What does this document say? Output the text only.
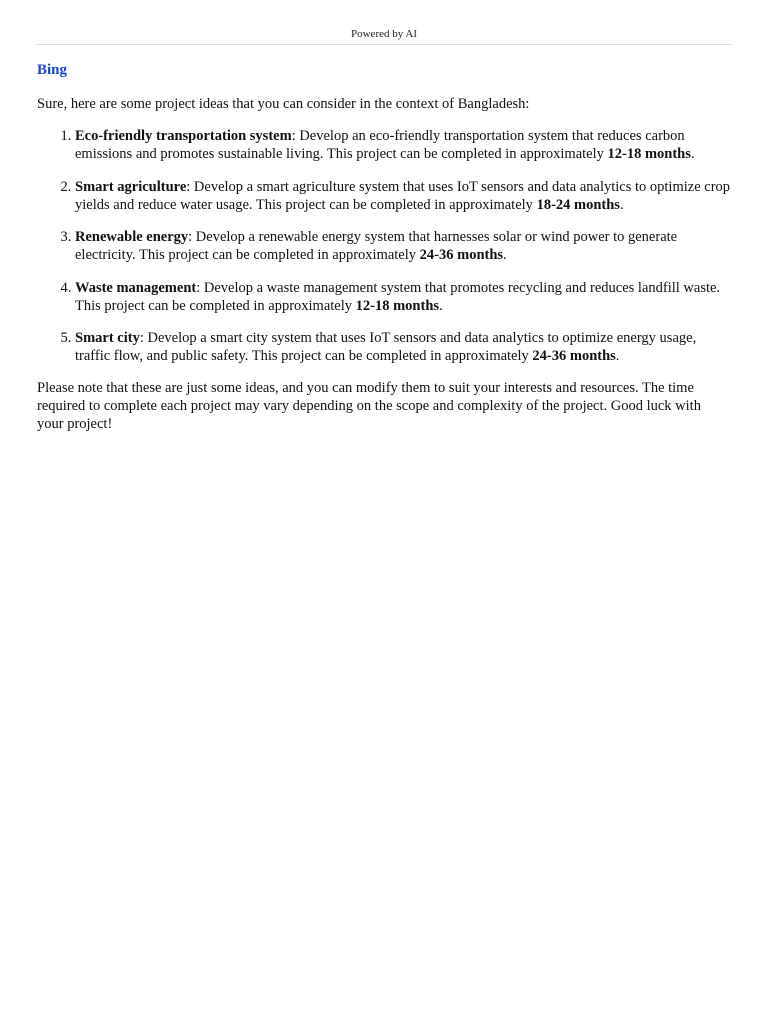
Powered by AI
Bing

Sure, here are some project ideas that you can consider in the context of Bangladesh:

1. Eco-friendly transportation system: Develop an eco-friendly transportation system that reduces carbon emissions and promotes sustainable living. This project can be completed in approximately 12-18 months.
2. Smart agriculture: Develop a smart agriculture system that uses IoT sensors and data analytics to optimize crop yields and reduce water usage. This project can be completed in approximately 18-24 months.
3. Renewable energy: Develop a renewable energy system that harnesses solar or wind power to generate electricity. This project can be completed in approximately 24-36 months.
4. Waste management: Develop a waste management system that promotes recycling and reduces landfill waste. This project can be completed in approximately 12-18 months.
5. Smart city: Develop a smart city system that uses IoT sensors and data analytics to optimize energy usage, traffic flow, and public safety. This project can be completed in approximately 24-36 months.

Please note that these are just some ideas, and you can modify them to suit your interests and resources. The time required to complete each project may vary depending on the scope and complexity of the project. Good luck with your project!
